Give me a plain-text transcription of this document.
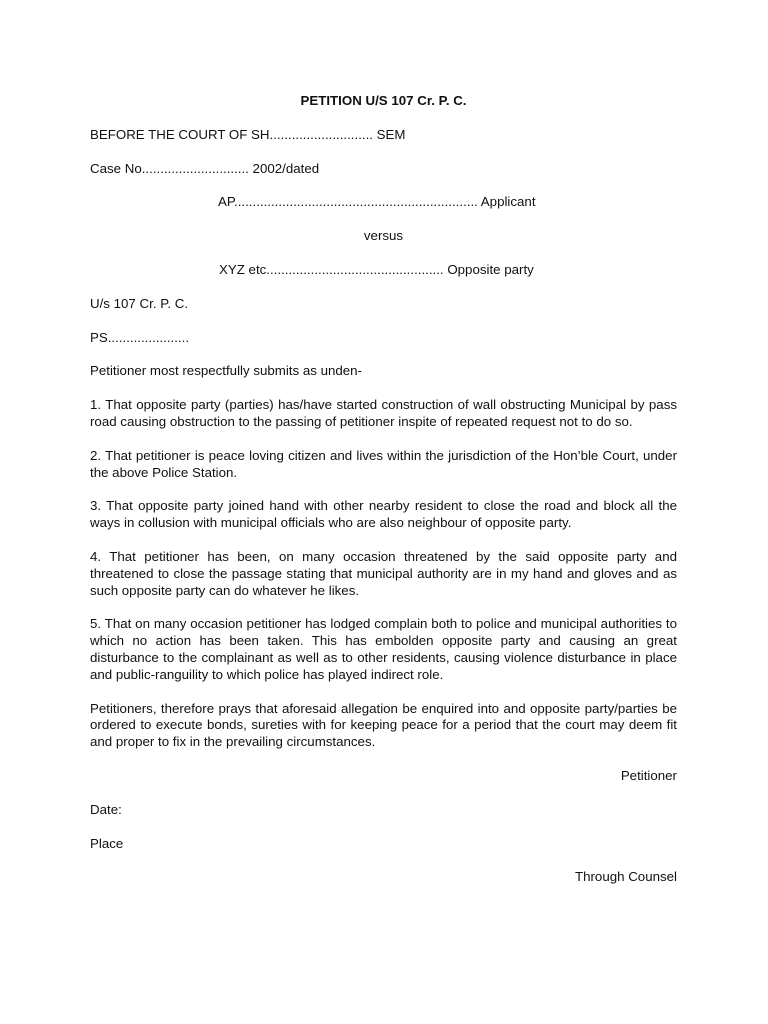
PETITION U/S 107 Cr. P. C.
BEFORE THE COURT OF SH............................ SEM
Case No............................. 2002/dated
AP.................................................................. Applicant
versus
XYZ etc................................................ Opposite party
U/s 107 Cr. P. C.
PS......................
Petitioner most respectfully submits as unden-
1. That opposite party (parties) has/have started construction of wall obstructing Municipal by pass road causing obstruction to the passing of petitioner inspite of repeated request not to do so.
2. That petitioner is peace loving citizen and lives within the jurisdiction of the Hon’ble Court, under the above Police Station.
3. That opposite party joined hand with other nearby resident to close the road and block all the ways in collusion with municipal officials who are also neighbour of opposite party.
4. That petitioner has been, on many occasion threatened by the said opposite party and threatened to close the passage stating that municipal authority are in my hand and gloves and as such opposite party can do whatever he likes.
5. That on many occasion petitioner has lodged complain both to police and municipal authorities to which no action has been taken. This has embolden opposite party and causing an great disturbance to the complainant as well as to other residents, causing violence disturbance in place and public-ranguility to which police has played indirect role.
Petitioners, therefore prays that aforesaid allegation be enquired into and opposite party/parties be ordered to execute bonds, sureties with for keeping peace for a period that the court may deem fit and proper to fix in the prevailing circumstances.
Petitioner
Date:
Place
Through Counsel
